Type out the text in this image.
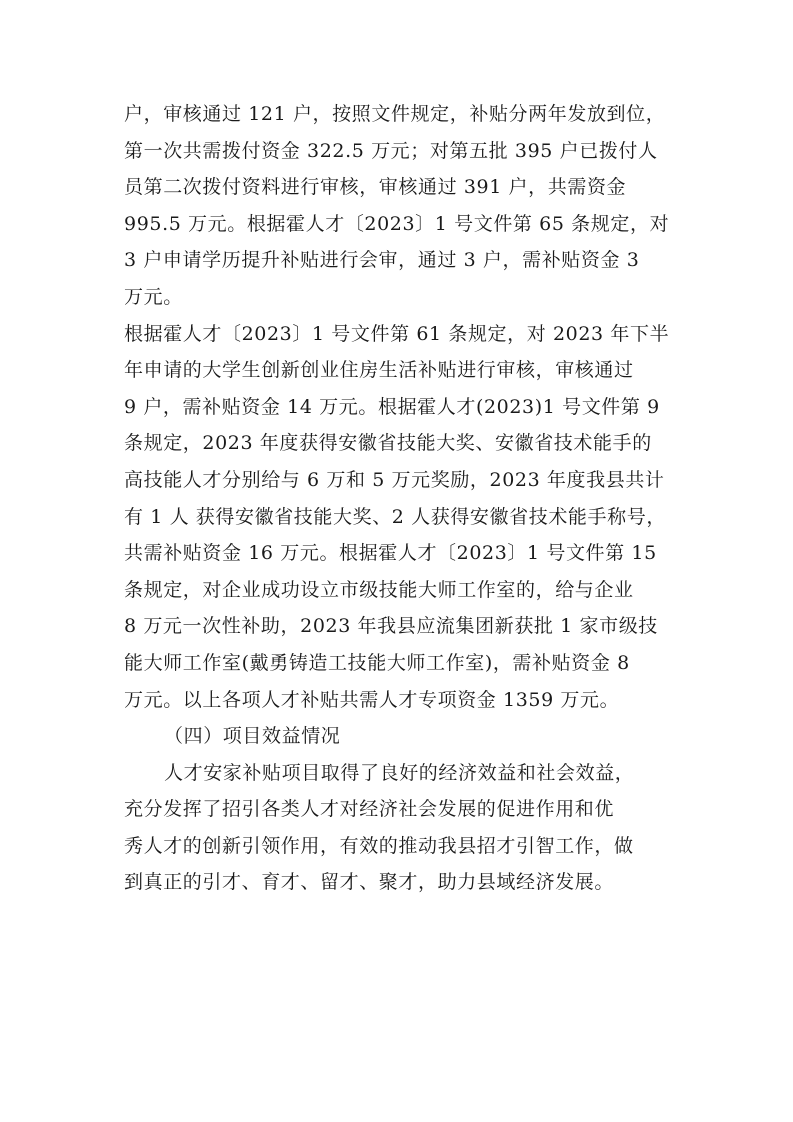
户，审核通过 121 户，按照文件规定，补贴分两年发放到位，
第一次共需拨付资金 322.5 万元；对第五批 395 户已拨付人
员第二次拨付资料进行审核，审核通过 391 户，共需资金
995.5 万元。根据霍人才〔2023〕1 号文件第 65 条规定，对
3 户申请学历提升补贴进行会审，通过 3 户，需补贴资金 3
万元。
根据霍人才〔2023〕1 号文件第 61 条规定，对 2023 年下半
年申请的大学生创新创业住房生活补贴进行审核，审核通过
9 户，需补贴资金 14 万元。根据霍人才(2023)1 号文件第 9
条规定，2023 年度获得安徽省技能大奖、安徽省技术能手的
高技能人才分别给与 6 万和 5 万元奖励，2023 年度我县共计
有 1 人 获得安徽省技能大奖、2 人获得安徽省技术能手称号，
共需补贴资金 16 万元。根据霍人才〔2023〕1 号文件第 15
条规定，对企业成功设立市级技能大师工作室的，给与企业
8 万元一次性补助，2023 年我县应流集团新获批 1 家市级技
能大师工作室(戴勇铸造工技能大师工作室)，需补贴资金 8
万元。以上各项人才补贴共需人才专项资金 1359 万元。
（四）项目效益情况
人才安家补贴项目取得了良好的经济效益和社会效益，
充分发挥了招引各类人才对经济社会发展的促进作用和优
秀人才的创新引领作用，有效的推动我县招才引智工作，做
到真正的引才、育才、留才、聚才，助力县域经济发展。
